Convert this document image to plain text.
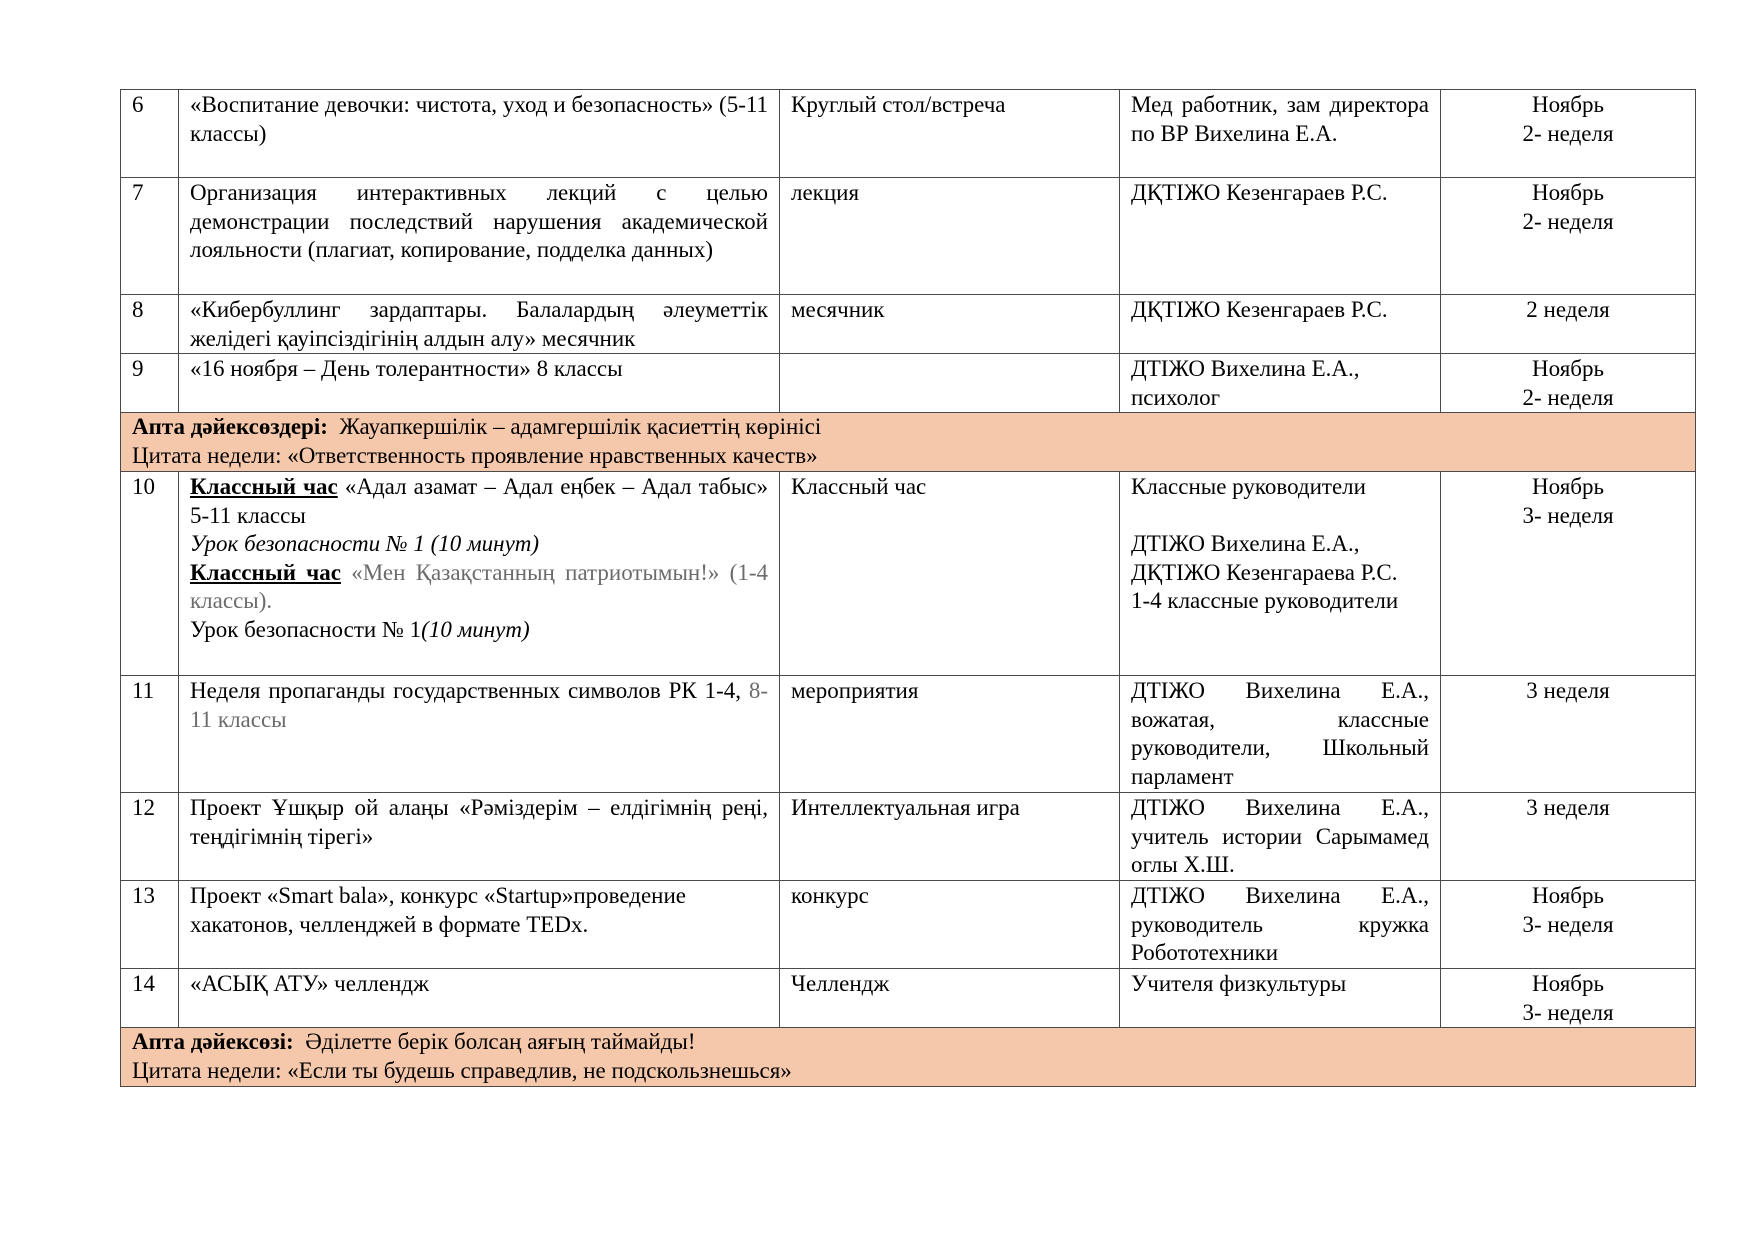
6	«Воспитание девочки: чистота, уход и безопасность» (5-11 классы)	Круглый стол/встреча	Мед работник, зам директора по ВР Вихелина Е.А.	Ноябрь
2- неделя

7	Организация интерактивных лекций с целью демонстрации последствий нарушения академической лояльности (плагиат, копирование, подделка данных)	лекция	ДҚТІЖО Кезенгараев Р.С.	Ноябрь
2- неделя

8	«Кибербуллинг зардаптары. Балалардың әлеуметтік желідегі қауіпсіздігінің алдын алу» месячник	месячник	ДҚТІЖО Кезенгараев Р.С.	2 неделя

9	«16 ноября – День толерантности» 8 классы		ДТІЖО Вихелина Е.А.,
психолог	Ноябрь
2- неделя

Апта дәйексөздері: Жауапкершілік – адамгершілік қасиеттің көрінісі
Цитата недели: «Ответственность проявление нравственных качеств»				

10	Классный час «Адал азамат – Адал еңбек – Адал табыс» 5-11 классы
Урок безопасности № 1 (10 минут)
Классный час «Мен Қазақстанның патриотымын!» (1-4 классы).
Урок безопасности № 1(10 минут)	Классный час	Классные руководители
ДТІЖО Вихелина Е.А.,
ДҚТІЖО Кезенгараева Р.С.
1-4 классные руководители	Ноябрь
3- неделя

11	Неделя пропаганды государственных символов РК 1-4, 8-11 классы	мероприятия	ДТІЖО Вихелина Е.А., вожатая, классные руководители, Школьный парламент	3 неделя
12	Проект Ұшқыр ой алаңы «Рәміздерім – елдігімнің реңі, теңдігімнің тірегі»	Интеллектуальная игра	ДТІЖО Вихелина Е.А., учитель истории Сарымамед оглы Х.Ш.	3 неделя

13	Проект «Smart bala», конкурс «Startup»проведение хакатонов, челленджей в формате TEDx.	конкурс	ДТІЖО Вихелина Е.А., руководитель кружка Робототехники	Ноябрь
3- неделя

14	«АСЫҚ АТУ» челлендж	Челлендж	Учителя физкультуры	Ноябрь
3- неделя

Апта дәйексөзі: Әділетте берік болсаң аяғың таймайды!
Цитата недели: «Если ты будешь справедлив, не подскользнешься»				
